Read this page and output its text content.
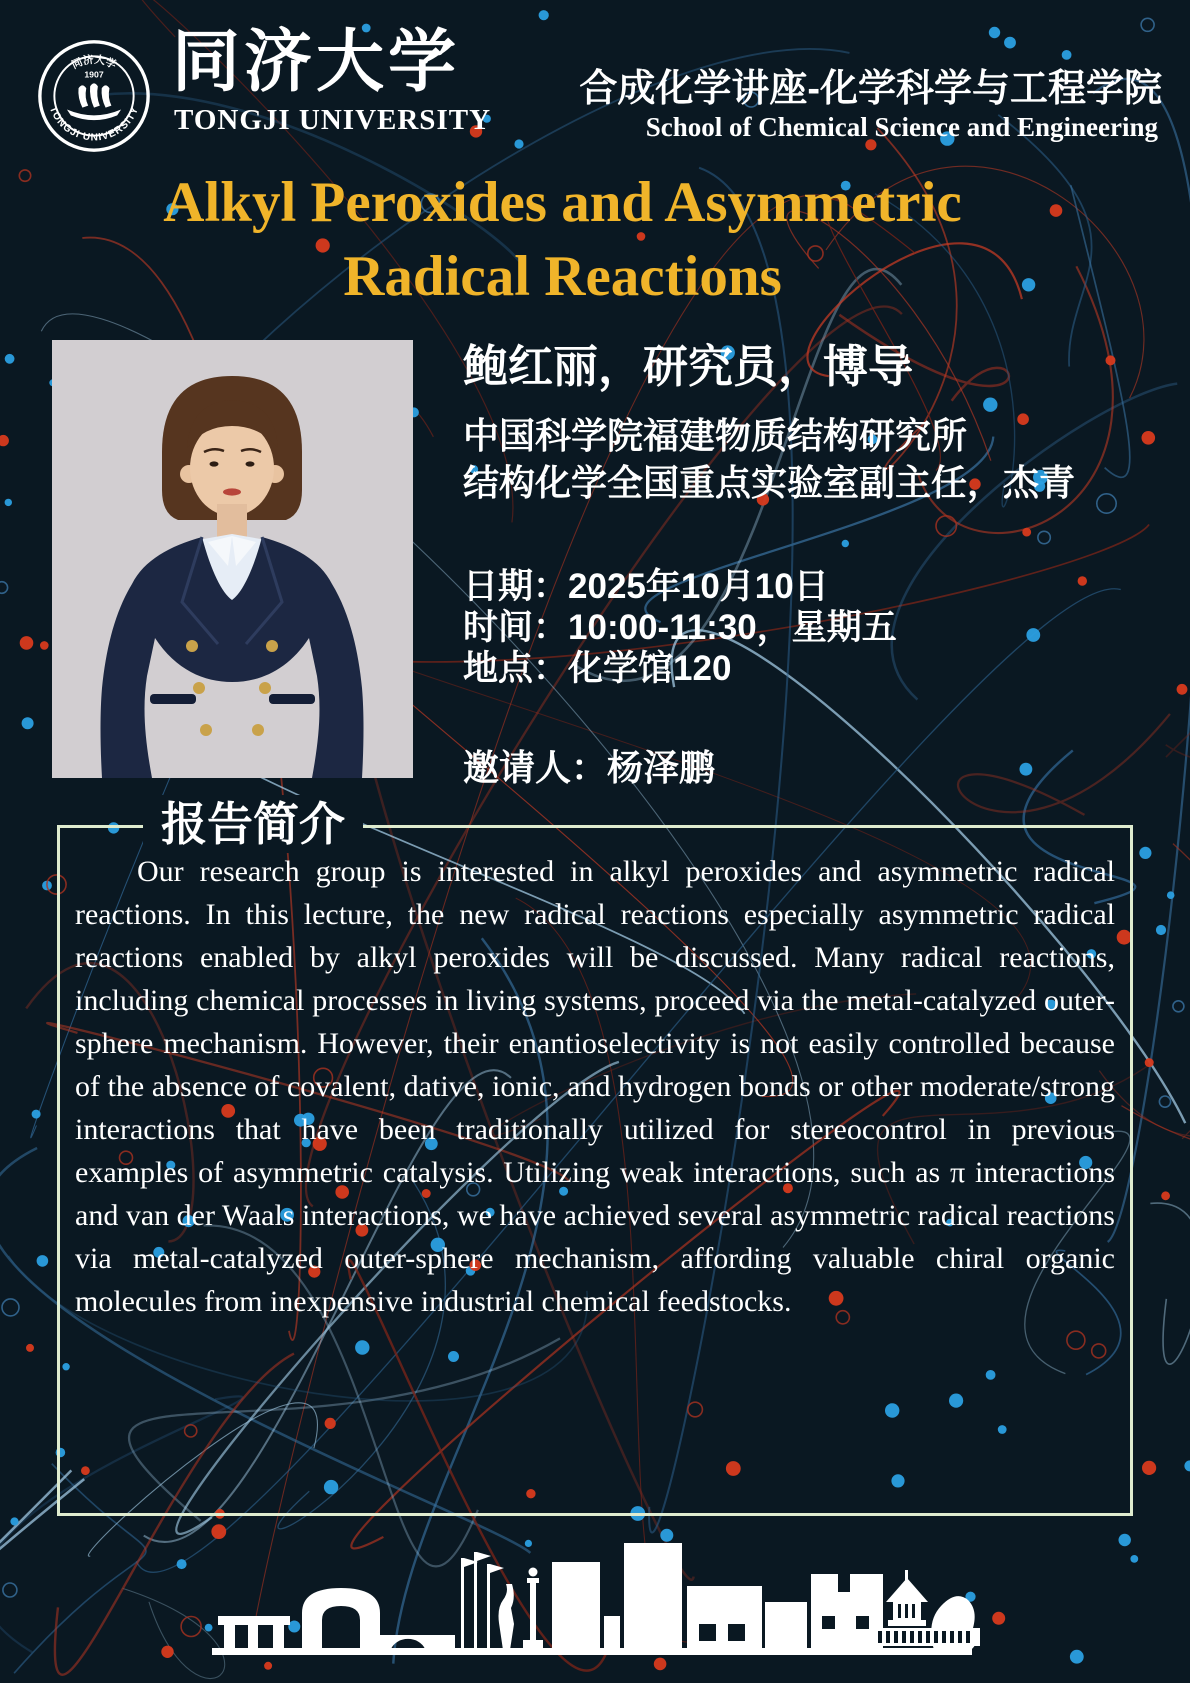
同济大学
TONGJI UNIVERSITY
1907 同济大学
TONGJI UNIVERSITY
合成化学讲座-化学科学与工程学院
School of Chemical Science and Engineering
Alkyl Peroxides and Asymmetric
Radical Reactions
鲍红丽，研究员，博导
中国科学院福建物质结构研究所
结构化学全国重点实验室副主任，杰青
日期：2025年10月10日
时间：10:00-11:30，星期五
地点：化学馆120
邀请人：杨泽鹏
报告简介
Our research group is interested in alkyl peroxides and asymmetric radical reactions. In this lecture, the new radical reactions especially asymmetric radical reactions enabled by alkyl peroxides will be discussed. Many radical reactions, including chemical processes in living systems, proceed via the metal-catalyzed outer-sphere mechanism. However, their enantioselectivity is not easily controlled because of the absence of covalent, dative, ionic, and hydrogen bonds or other moderate/strong interactions that have been traditionally utilized for stereocontrol in previous examples of asymmetric catalysis. Utilizing weak interactions, such as π interactions and van der Waals interactions, we have achieved several asymmetric radical reactions via metal-catalyzed outer-sphere mechanism, affording valuable chiral organic molecules from inexpensive industrial chemical feedstocks.
